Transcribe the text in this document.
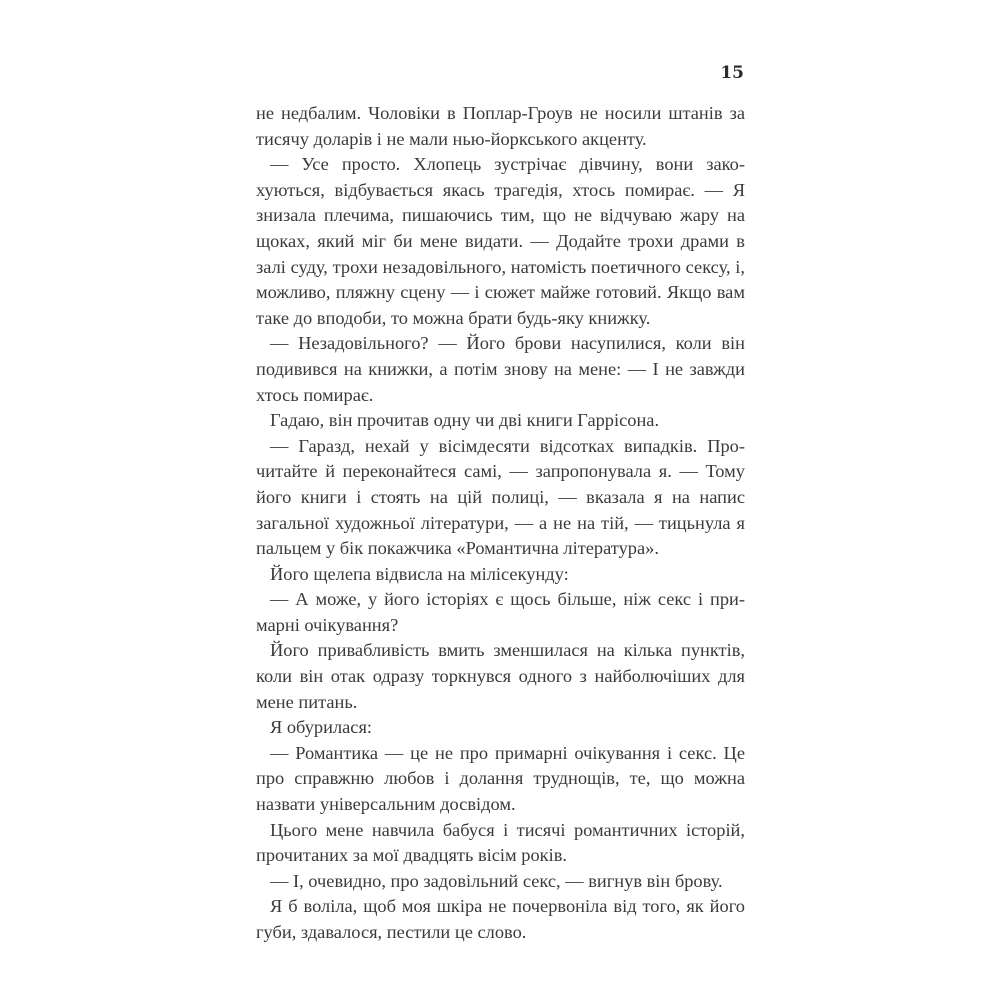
15

не недбалим. Чоловіки в Поплар-Гроув не носили штанів за тисячу доларів і не мали нью-йоркського акценту.

— Усе просто. Хлопець зустрічає дівчину, вони закохуються, відбувається якась трагедія, хтось помирає. — Я знизала плечима, пишаючись тим, що не відчуваю жару на щоках, який міг би мене видати. — Додайте трохи драми в залі суду, трохи незадовільного, натомість поетичного сексу, і, можливо, пляжну сцену — і сюжет майже готовий. Якщо вам таке до вподоби, то можна брати будь-яку книжку.

— Незадовільного? — Його брови насупилися, коли він подивився на книжки, а потім знову на мене: — І не завжди хтось помирає.

Гадаю, він прочитав одну чи дві книги Гаррісона.

— Гаразд, нехай у вісімдесяти відсотках випадків. Прочитайте й переконайтеся самі, — запропонувала я. — Тому його книги і стоять на цій полиці, — вказала я на напис загальної художньої літератури, — а не на тій, — тицьнула я пальцем у бік покажчика «Романтична література».

Його щелепа відвисла на мілісекунду:

— А може, у його історіях є щось більше, ніж секс і примарні очікування?

Його привабливість вмить зменшилася на кілька пунктів, коли він отак одразу торкнувся одного з найболючіших для мене питань.

Я обурилася:

— Романтика — це не про примарні очікування і секс. Це про справжню любов і долання труднощів, те, що можна назвати універсальним досвідом.

Цього мене навчила бабуся і тисячі романтичних історій, прочитаних за мої двадцять вісім років.

— І, очевидно, про задовільний секс, — вигнув він брову.

Я б воліла, щоб моя шкіра не почервоніла від того, як його губи, здавалося, пестили це слово.
